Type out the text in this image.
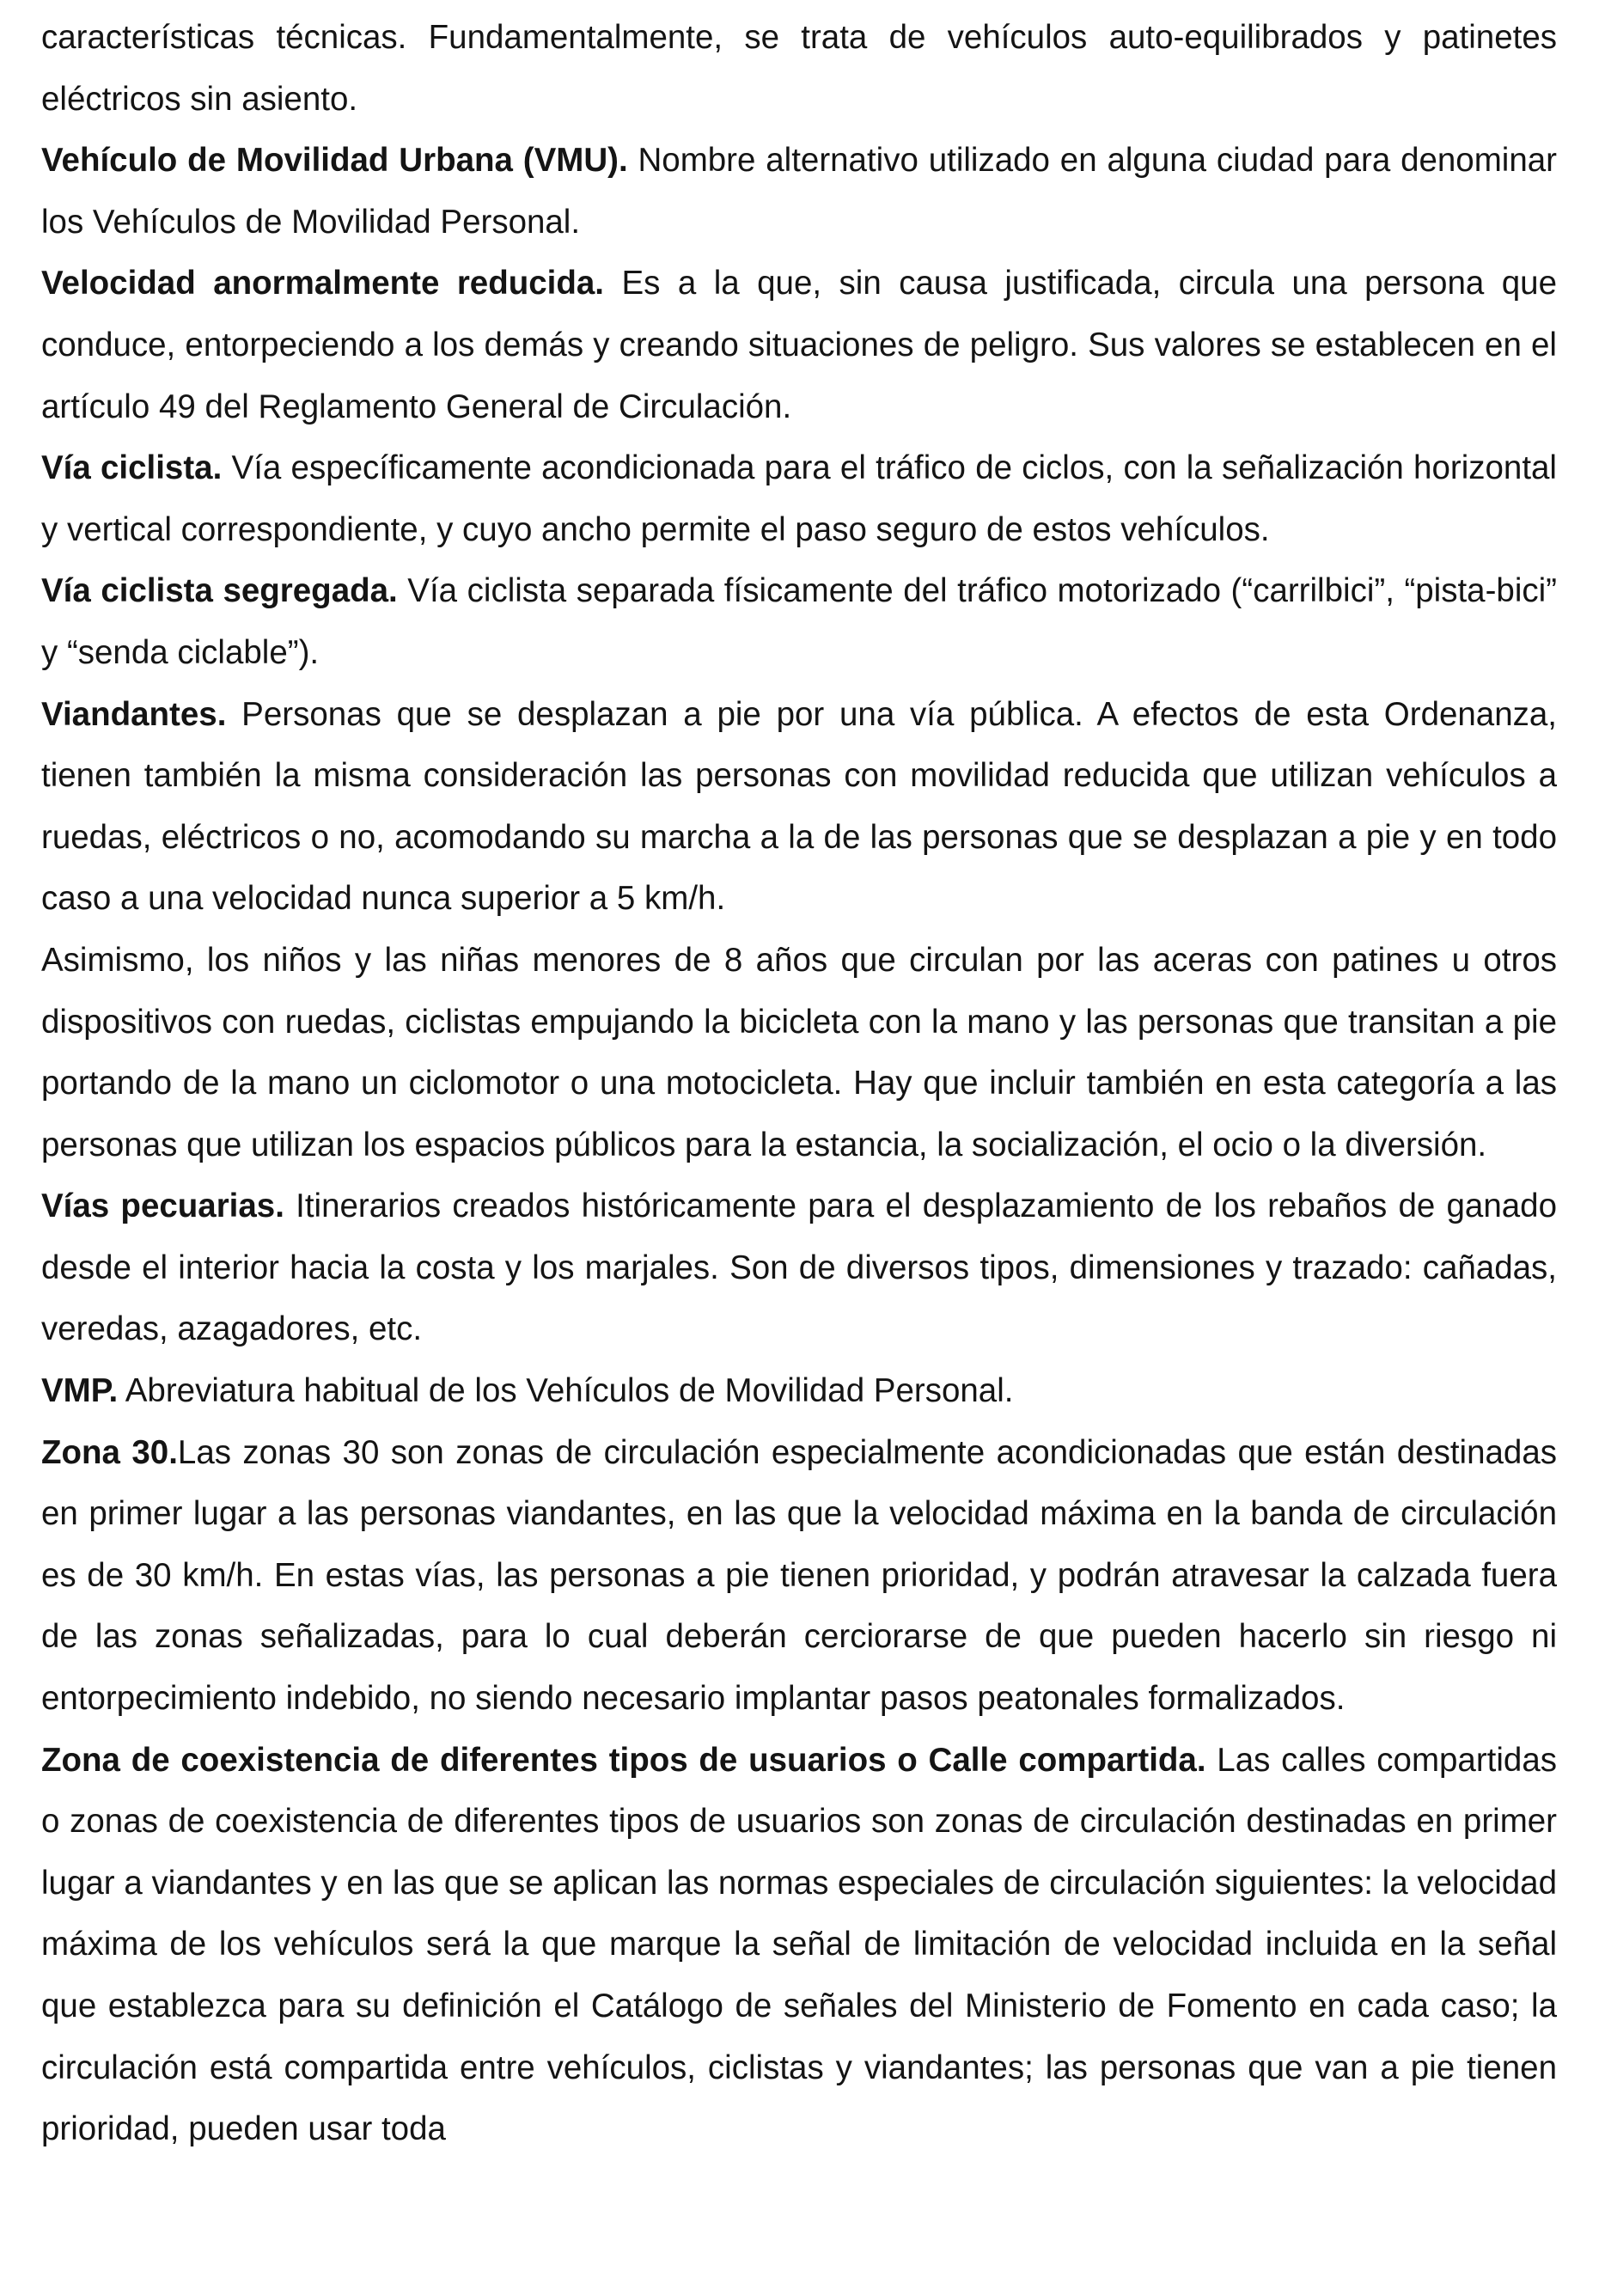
características técnicas. Fundamentalmente, se trata de vehículos auto-equilibrados y patinetes eléctricos sin asiento.

Vehículo de Movilidad Urbana (VMU). Nombre alternativo utilizado en alguna ciudad para denominar los Vehículos de Movilidad Personal.

Velocidad anormalmente reducida. Es a la que, sin causa justificada, circula una persona que conduce, entorpeciendo a los demás y creando situaciones de peligro. Sus valores se establecen en el artículo 49 del Reglamento General de Circulación.

Vía ciclista. Vía específicamente acondicionada para el tráfico de ciclos, con la señalización horizontal y vertical correspondiente, y cuyo ancho permite el paso seguro de estos vehículos.

Vía ciclista segregada. Vía ciclista separada físicamente del tráfico motorizado (“carrilbici”, “pista-bici” y “senda ciclable”).

Viandantes. Personas que se desplazan a pie por una vía pública. A efectos de esta Ordenanza, tienen también la misma consideración las personas con movilidad reducida que utilizan vehículos a ruedas, eléctricos o no, acomodando su marcha a la de las personas que se desplazan a pie y en todo caso a una velocidad nunca superior a 5 km/h.

Asimismo, los niños y las niñas menores de 8 años que circulan por las aceras con patines u otros dispositivos con ruedas, ciclistas empujando la bicicleta con la mano y las personas que transitan a pie portando de la mano un ciclomotor o una motocicleta. Hay que incluir también en esta categoría a las personas que utilizan los espacios públicos para la estancia, la socialización, el ocio o la diversión.

Vías pecuarias. Itinerarios creados históricamente para el desplazamiento de los rebaños de ganado desde el interior hacia la costa y los marjales. Son de diversos tipos, dimensiones y trazado: cañadas, veredas, azagadores, etc.

VMP. Abreviatura habitual de los Vehículos de Movilidad Personal.

Zona 30.Las zonas 30 son zonas de circulación especialmente acondicionadas que están destinadas en primer lugar a las personas viandantes, en las que la velocidad máxima en la banda de circulación es de 30 km/h. En estas vías, las personas a pie tienen prioridad, y podrán atravesar la calzada fuera de las zonas señalizadas, para lo cual deberán cerciorarse de que pueden hacerlo sin riesgo ni entorpecimiento indebido, no siendo necesario implantar pasos peatonales formalizados.

Zona de coexistencia de diferentes tipos de usuarios o Calle compartida. Las calles compartidas o zonas de coexistencia de diferentes tipos de usuarios son zonas de circulación destinadas en primer lugar a viandantes y en las que se aplican las normas especiales de circulación siguientes: la velocidad máxima de los vehículos será la que marque la señal de limitación de velocidad incluida en la señal que establezca para su definición el Catálogo de señales del Ministerio de Fomento en cada caso; la circulación está compartida entre vehículos, ciclistas y viandantes; las personas que van a pie tienen prioridad, pueden usar toda
